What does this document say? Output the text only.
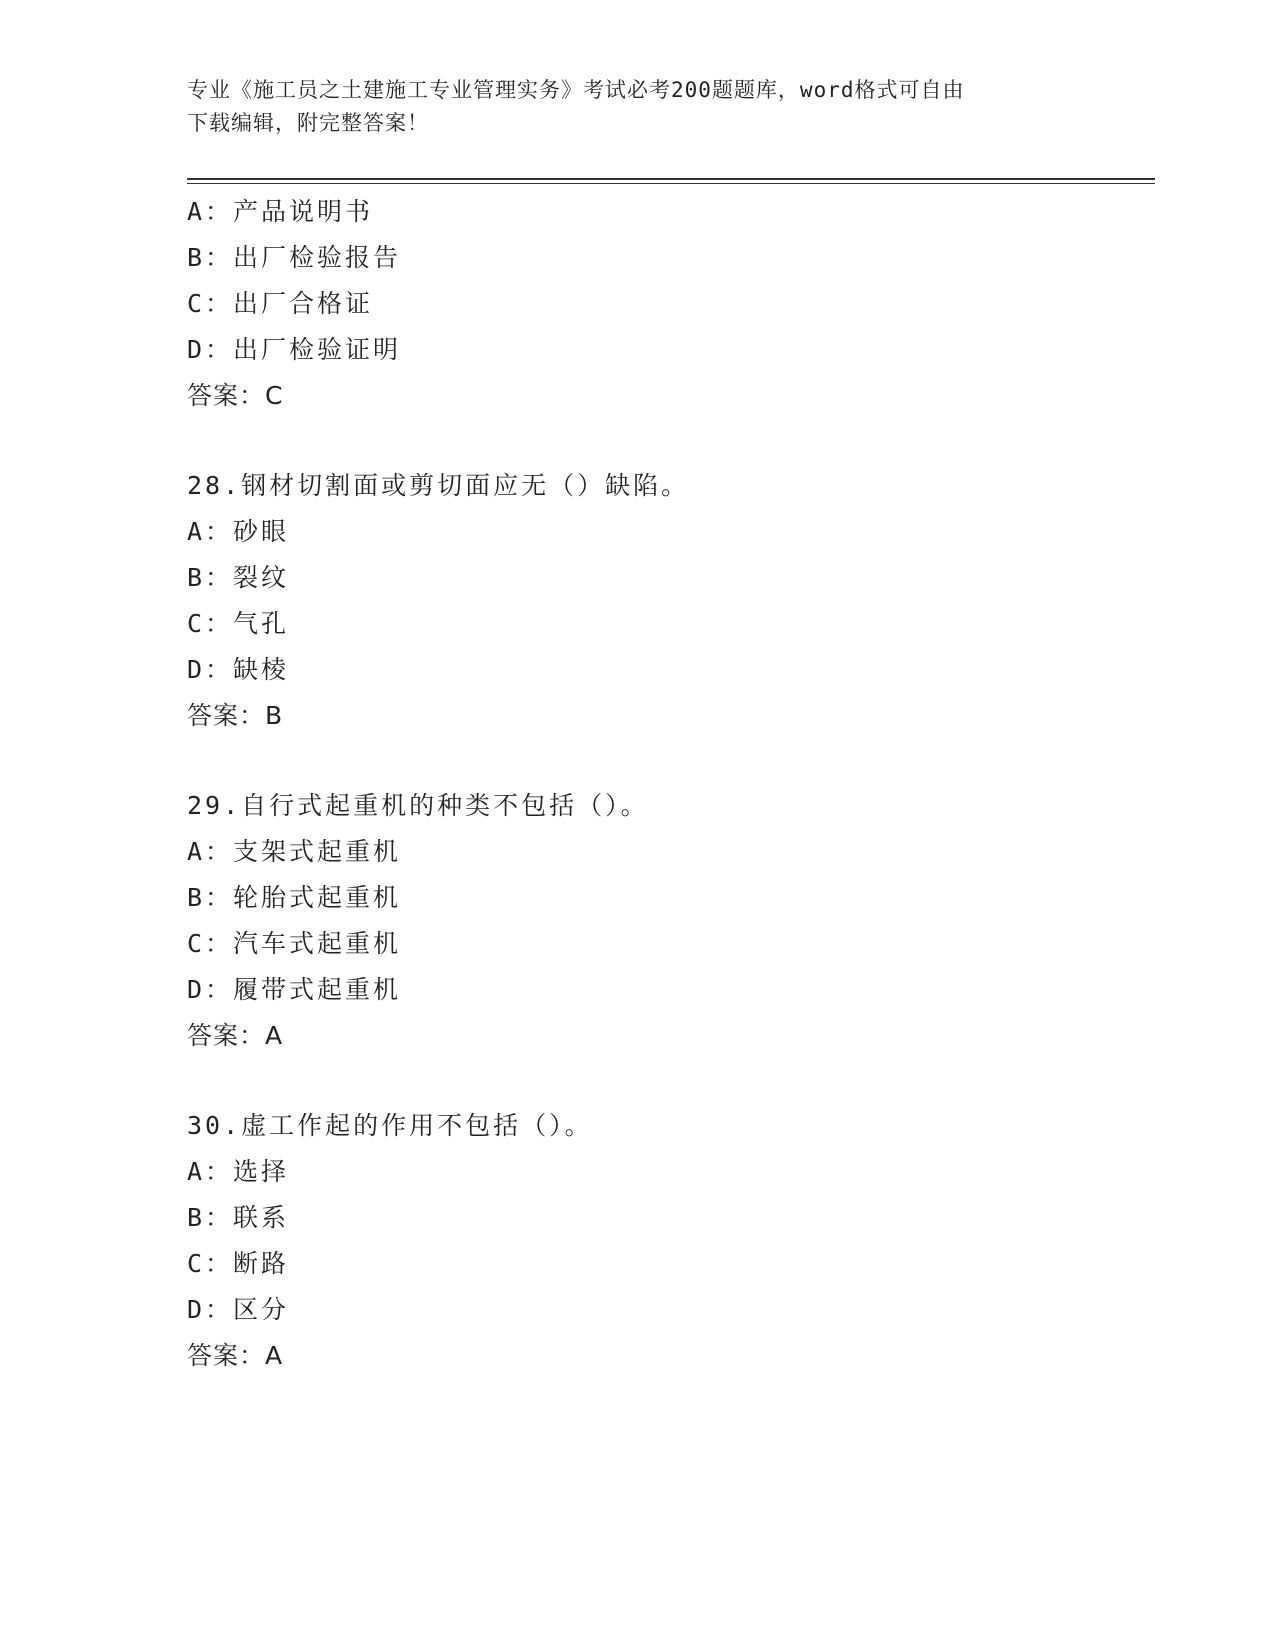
专业《施工员之土建施工专业管理实务》考试必考200题题库，word格式可自由
下载编辑，附完整答案！
A：产品说明书
B：出厂检验报告
C：出厂合格证
D：出厂检验证明
答案：C
28.钢材切割面或剪切面应无（）缺陷。
A：砂眼
B：裂纹
C：气孔
D：缺棱
答案：B
29.自行式起重机的种类不包括（）。
A：支架式起重机
B：轮胎式起重机
C：汽车式起重机
D：履带式起重机
答案：A
30.虚工作起的作用不包括（）。
A：选择
B：联系
C：断路
D：区分
答案：A
